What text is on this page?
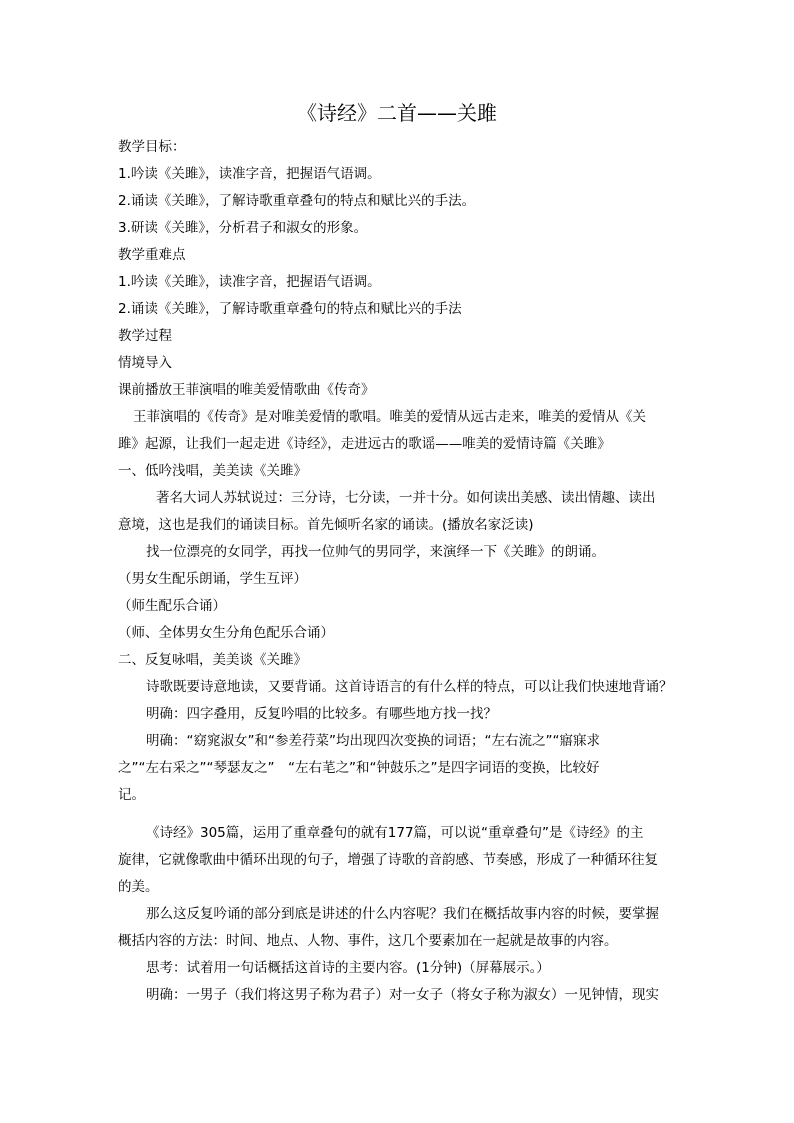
《诗经》二首——关雎
教学目标：
1.吟读《关雎》，读准字音，把握语气语调。
2.诵读《关雎》，了解诗歌重章叠句的特点和赋比兴的手法。
3.研读《关雎》，分析君子和淑女的形象。
教学重难点
1.吟读《关雎》，读准字音，把握语气语调。
2.诵读《关雎》，了解诗歌重章叠句的特点和赋比兴的手法
教学过程
情境导入
课前播放王菲演唱的唯美爱情歌曲《传奇》
王菲演唱的《传奇》是对唯美爱情的歌唱。唯美的爱情从远古走来，唯美的爱情从《关
雎》起源，让我们一起走进《诗经》，走进远古的歌谣——唯美的爱情诗篇《关雎》
一、低吟浅唱，美美读《关雎》
著名大词人苏轼说过：三分诗，七分读，一并十分。如何读出美感、读出情趣、读出
意境，这也是我们的诵读目标。首先倾听名家的诵读。(播放名家泛读)
找一位漂亮的女同学，再找一位帅气的男同学，来演绎一下《关雎》的朗诵。
（男女生配乐朗诵，学生互评）
（师生配乐合诵）
（师、全体男女生分角色配乐合诵）
二、反复咏唱，美美谈《关雎》
诗歌既要诗意地读，又要背诵。这首诗语言的有什么样的特点，可以让我们快速地背诵？
明确：四字叠用，反复吟唱的比较多。有哪些地方找一找？
明确：“窈窕淑女”和“参差荇菜”均出现四次变换的词语；“左右流之”“寤寐求
之”“左右采之”“琴瑟友之”　“左右芼之”和“钟鼓乐之”是四字词语的变换，比较好
记。
《诗经》305篇，运用了重章叠句的就有177篇，可以说“重章叠句”是《诗经》的主
旋律，它就像歌曲中循环出现的句子，增强了诗歌的音韵感、节奏感，形成了一种循环往复
的美。
那么这反复吟诵的部分到底是讲述的什么内容呢？我们在概括故事内容的时候，要掌握
概括内容的方法：时间、地点、人物、事件，这几个要素加在一起就是故事的内容。
思考：试着用一句话概括这首诗的主要内容。(1分钟)（屏幕展示。）
明确：一男子（我们将这男子称为君子）对一女子（将女子称为淑女）一见钟情，现实
